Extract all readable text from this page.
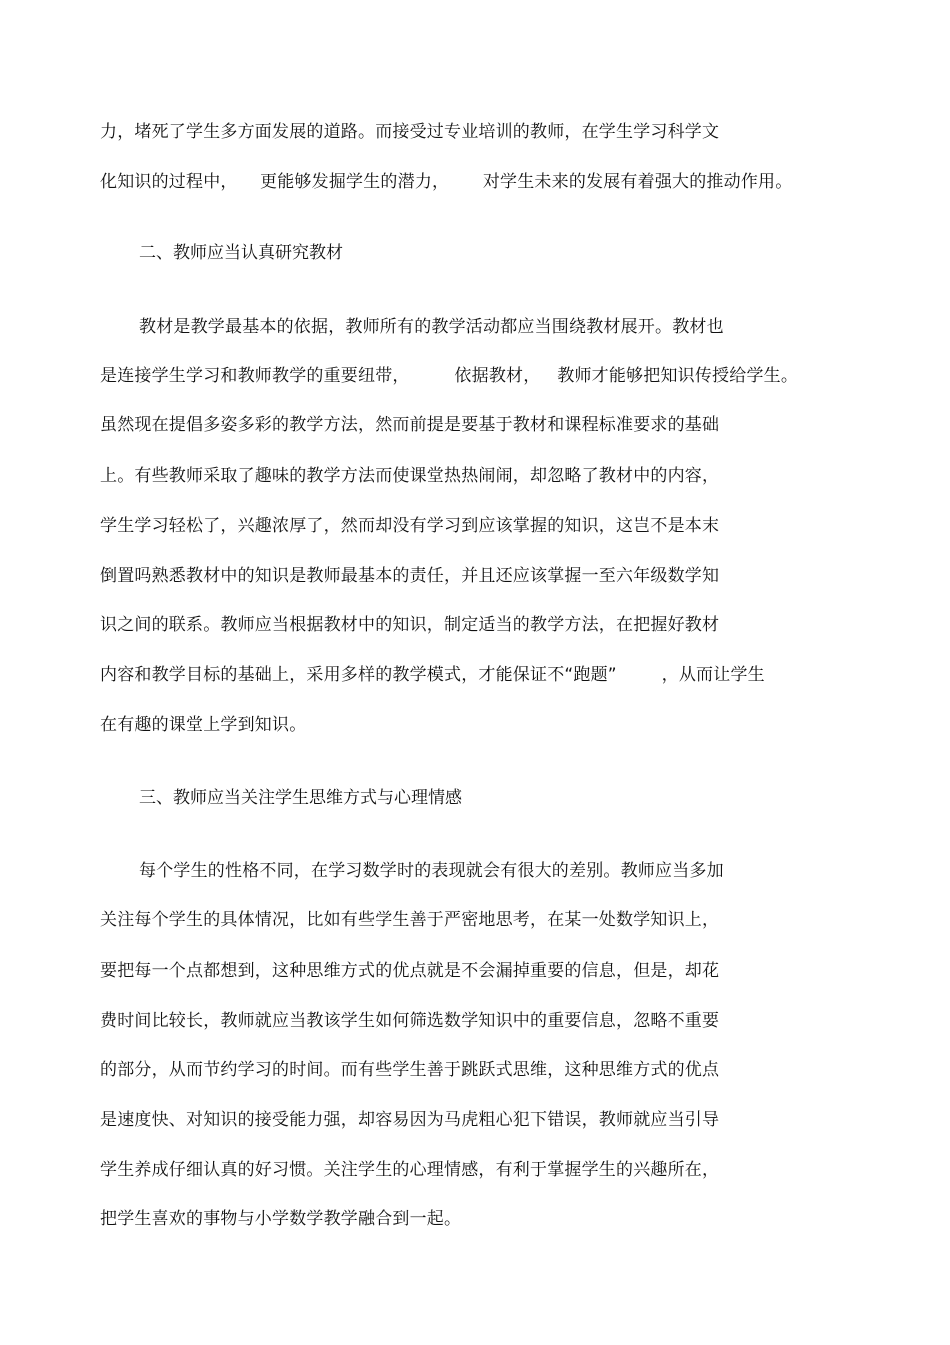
力，堵死了学生多方面发展的道路。而接受过专业培训的教师，在学生学习科学文
化知识的过程中，    更能够发掘学生的潜力，      对学生未来的发展有着强大的推动作用。
二、教师应当认真研究教材
教材是教学最基本的依据，教师所有的教学活动都应当围绕教材展开。教材也
是连接学生学习和教师教学的重要纽带，        依据教材，   教师才能够把知识传授给学生。
虽然现在提倡多姿多彩的教学方法，然而前提是要基于教材和课程标准要求的基础
上。有些教师采取了趣味的教学方法而使课堂热热闹闹，却忽略了教材中的内容，
学生学习轻松了，兴趣浓厚了，然而却没有学习到应该掌握的知识，这岂不是本末
倒置吗熟悉教材中的知识是教师最基本的责任，并且还应该掌握一至六年级数学知
识之间的联系。教师应当根据教材中的知识，制定适当的教学方法，在把握好教材
内容和教学目标的基础上，采用多样的教学模式，才能保证不“跑题”        ，从而让学生
在有趣的课堂上学到知识。
三、教师应当关注学生思维方式与心理情感
每个学生的性格不同，在学习数学时的表现就会有很大的差别。教师应当多加
关注每个学生的具体情况，比如有些学生善于严密地思考，在某一处数学知识上，
要把每一个点都想到，这种思维方式的优点就是不会漏掉重要的信息，但是，却花
费时间比较长，教师就应当教该学生如何筛选数学知识中的重要信息，忽略不重要
的部分，从而节约学习的时间。而有些学生善于跳跃式思维，这种思维方式的优点
是速度快、对知识的接受能力强，却容易因为马虎粗心犯下错误，教师就应当引导
学生养成仔细认真的好习惯。关注学生的心理情感，有利于掌握学生的兴趣所在，
把学生喜欢的事物与小学数学教学融合到一起。
